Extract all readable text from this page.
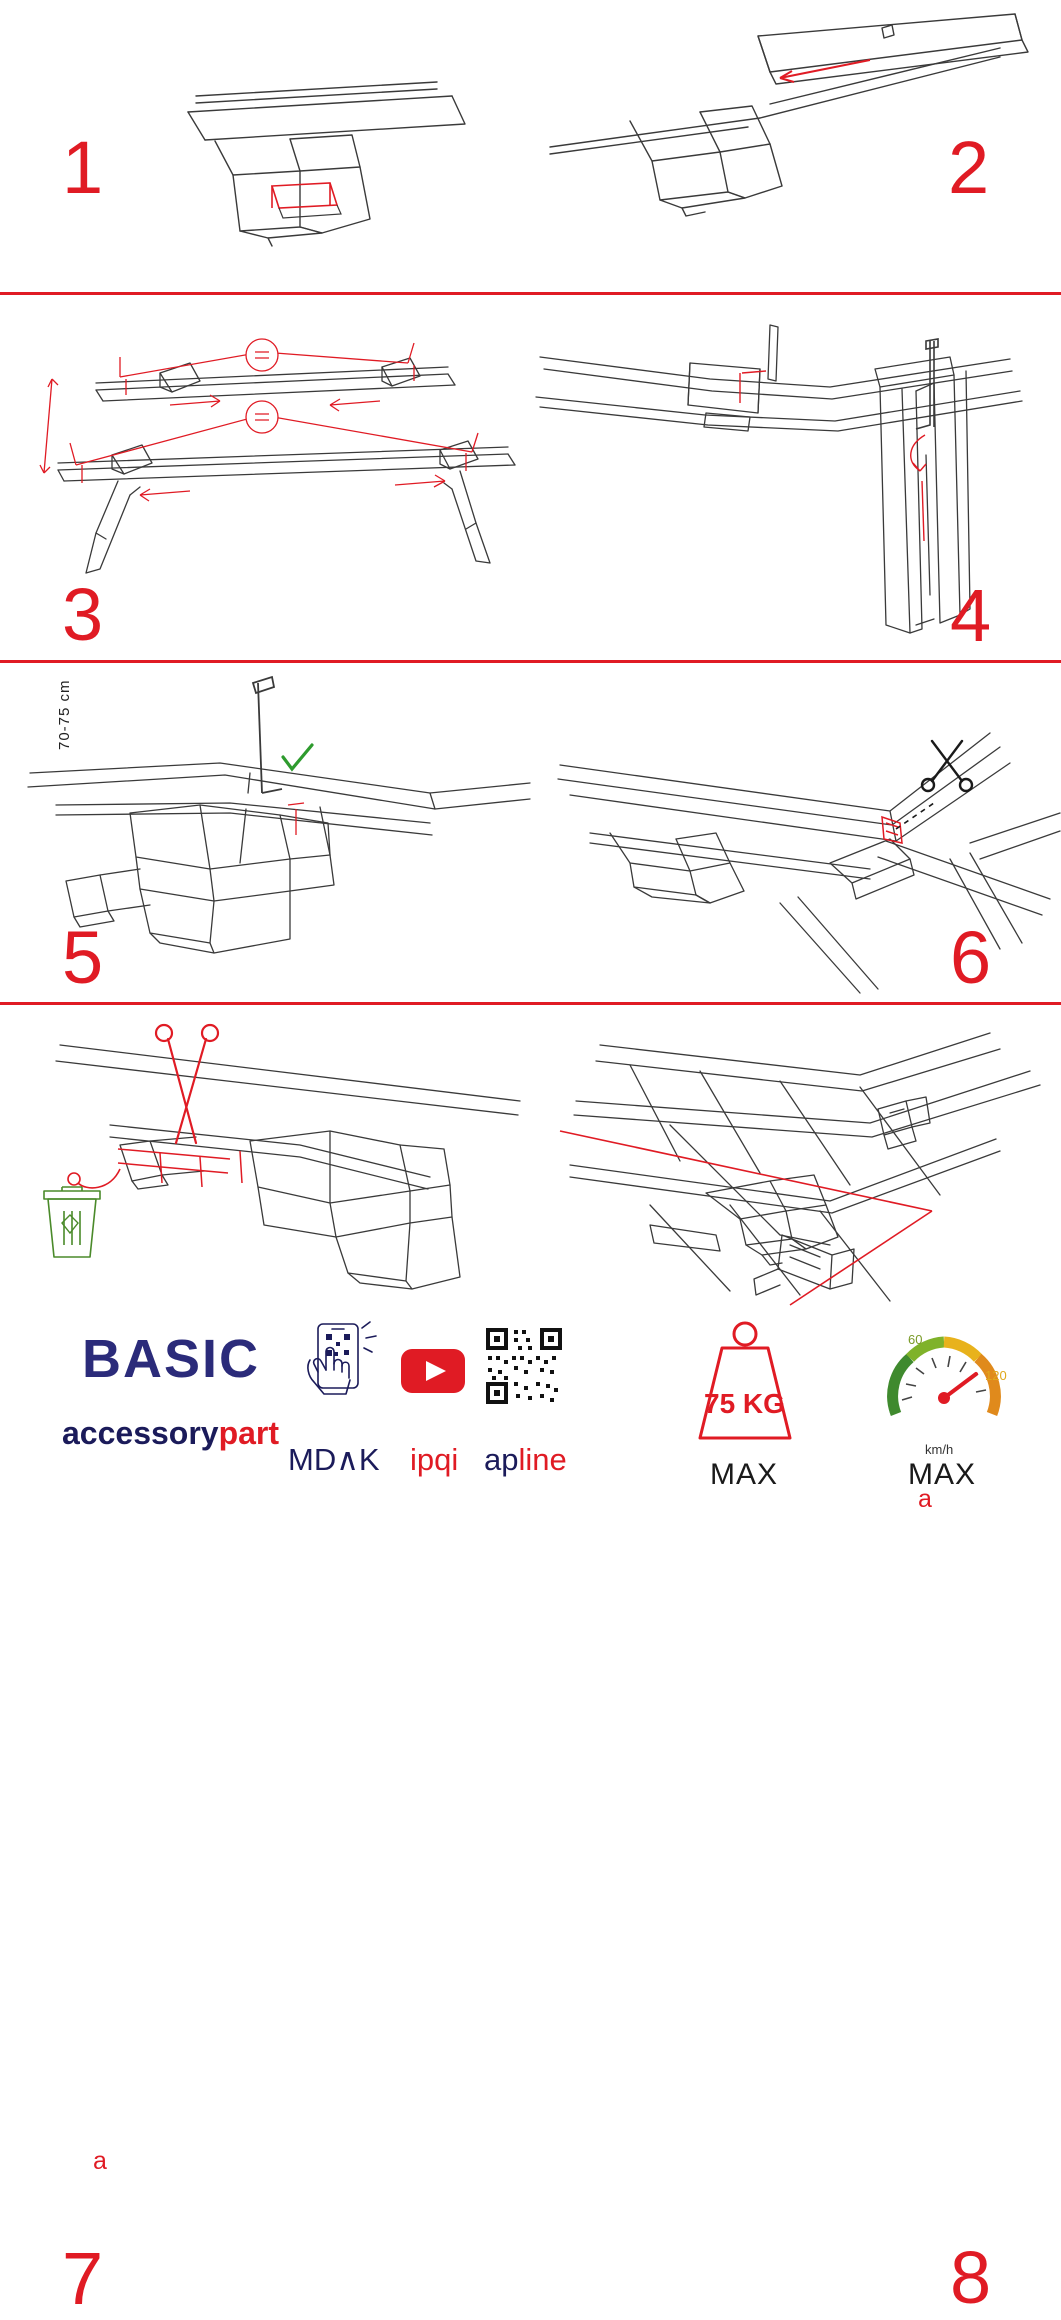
1	2
70-75 cm
3	4
5
a
6
a
7	8
BASIC
accessorypart
MD∧K ipqi apline
75 KG
MAX
60
120
km/h
MAX
